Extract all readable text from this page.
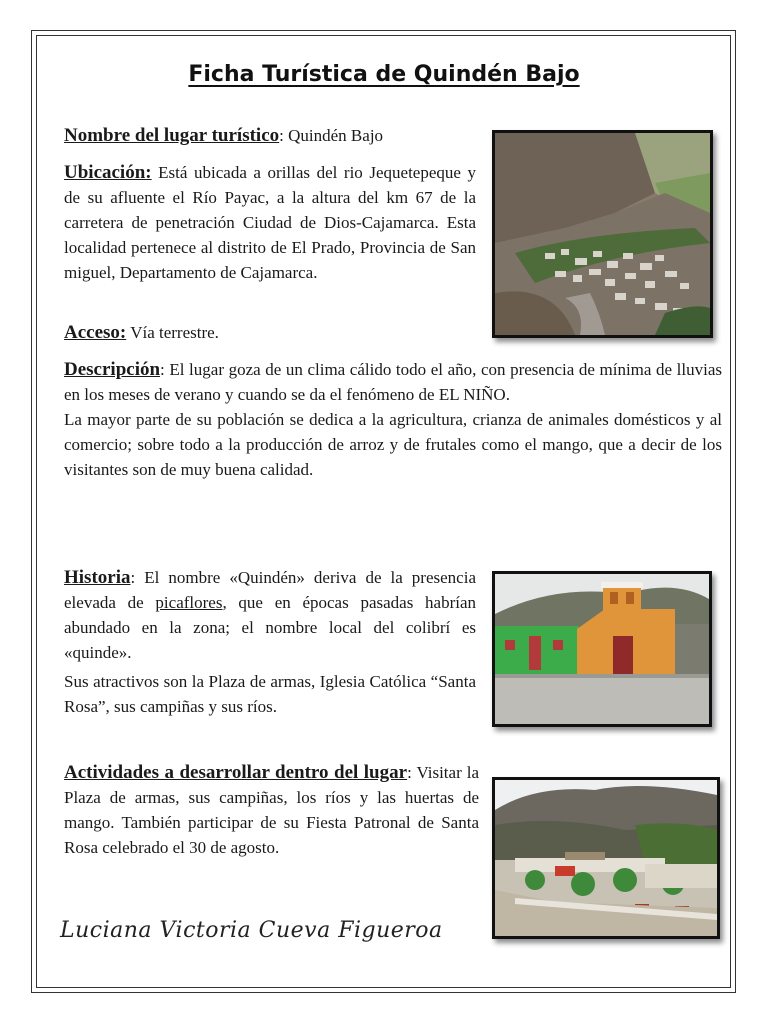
Ficha Turística de Quindén Bajo

Nombre del lugar turístico: Quindén Bajo

Ubicación: Está ubicada a orillas del rio Jequetepeque y de su afluente el Río Payac, a la altura del km 67 de la carretera de penetración Ciudad de Dios-Cajamarca. Esta localidad pertenece al distrito de El Prado, Provincia de San miguel, Departamento de Cajamarca.

Acceso: Vía terrestre.

Descripción: El lugar goza de un clima cálido todo el año, con presencia de mínima de lluvias en los meses de verano y cuando se da el fenómeno de EL NIÑO.

La mayor parte de su población se dedica a la agricultura, crianza de animales domésticos y al comercio; sobre todo a la producción de arroz y de frutales como el mango, que a decir de los visitantes son de muy buena calidad.

Historia: El nombre «Quindén» deriva de la presencia elevada de picaflores, que en épocas pasadas habrían abundado en la zona; el nombre local del colibrí es «quinde».

Sus atractivos son la Plaza de armas, Iglesia Católica “Santa Rosa”, sus campiñas y sus ríos.

Actividades a desarrollar dentro del lugar: Visitar la Plaza de armas, sus campiñas, los ríos y las huertas de mango. También participar de su Fiesta Patronal de Santa Rosa celebrado el 30 de agosto.

Luciana Victoria Cueva Figueroa
